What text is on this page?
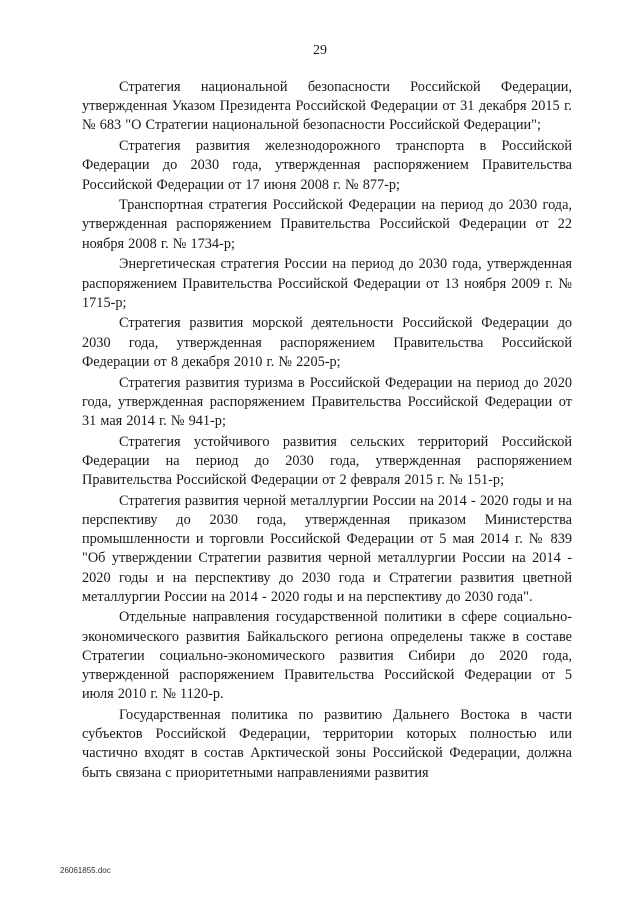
29

Стратегия национальной безопасности Российской Федерации, утвержденная Указом Президента Российской Федерации от 31 декабря 2015 г. № 683 "О Стратегии национальной безопасности Российской Федерации";

Стратегия развития железнодорожного транспорта в Российской Федерации до 2030 года, утвержденная распоряжением Правительства Российской Федерации от 17 июня 2008 г. № 877-р;

Транспортная стратегия Российской Федерации на период до 2030 года, утвержденная распоряжением Правительства Российской Федерации от 22 ноября 2008 г. № 1734-р;

Энергетическая стратегия России на период до 2030 года, утвержденная распоряжением Правительства Российской Федерации от 13 ноября 2009 г. № 1715-р;

Стратегия развития морской деятельности Российской Федерации до 2030 года, утвержденная распоряжением Правительства Российской Федерации от 8 декабря 2010 г. № 2205-р;

Стратегия развития туризма в Российской Федерации на период до 2020 года, утвержденная распоряжением Правительства Российской Федерации от 31 мая 2014 г. № 941-р;

Стратегия устойчивого развития сельских территорий Российской Федерации на период до 2030 года, утвержденная распоряжением Правительства Российской Федерации от 2 февраля 2015 г. № 151-р;

Стратегия развития черной металлургии России на 2014 - 2020 годы и на перспективу до 2030 года, утвержденная приказом Министерства промышленности и торговли Российской Федерации от 5 мая 2014 г. № 839 "Об утверждении Стратегии развития черной металлургии России на 2014 - 2020 годы и на перспективу до 2030 года и Стратегии развития цветной металлургии России на 2014 - 2020 годы и на перспективу до 2030 года".

Отдельные направления государственной политики в сфере социально-экономического развития Байкальского региона определены также в составе Стратегии социально-экономического развития Сибири до 2020 года, утвержденной распоряжением Правительства Российской Федерации от 5 июля 2010 г. № 1120-р.

Государственная политика по развитию Дальнего Востока в части субъектов Российской Федерации, территории которых полностью или частично входят в состав Арктической зоны Российской Федерации, должна быть связана с приоритетными направлениями развития

26061855.doc
